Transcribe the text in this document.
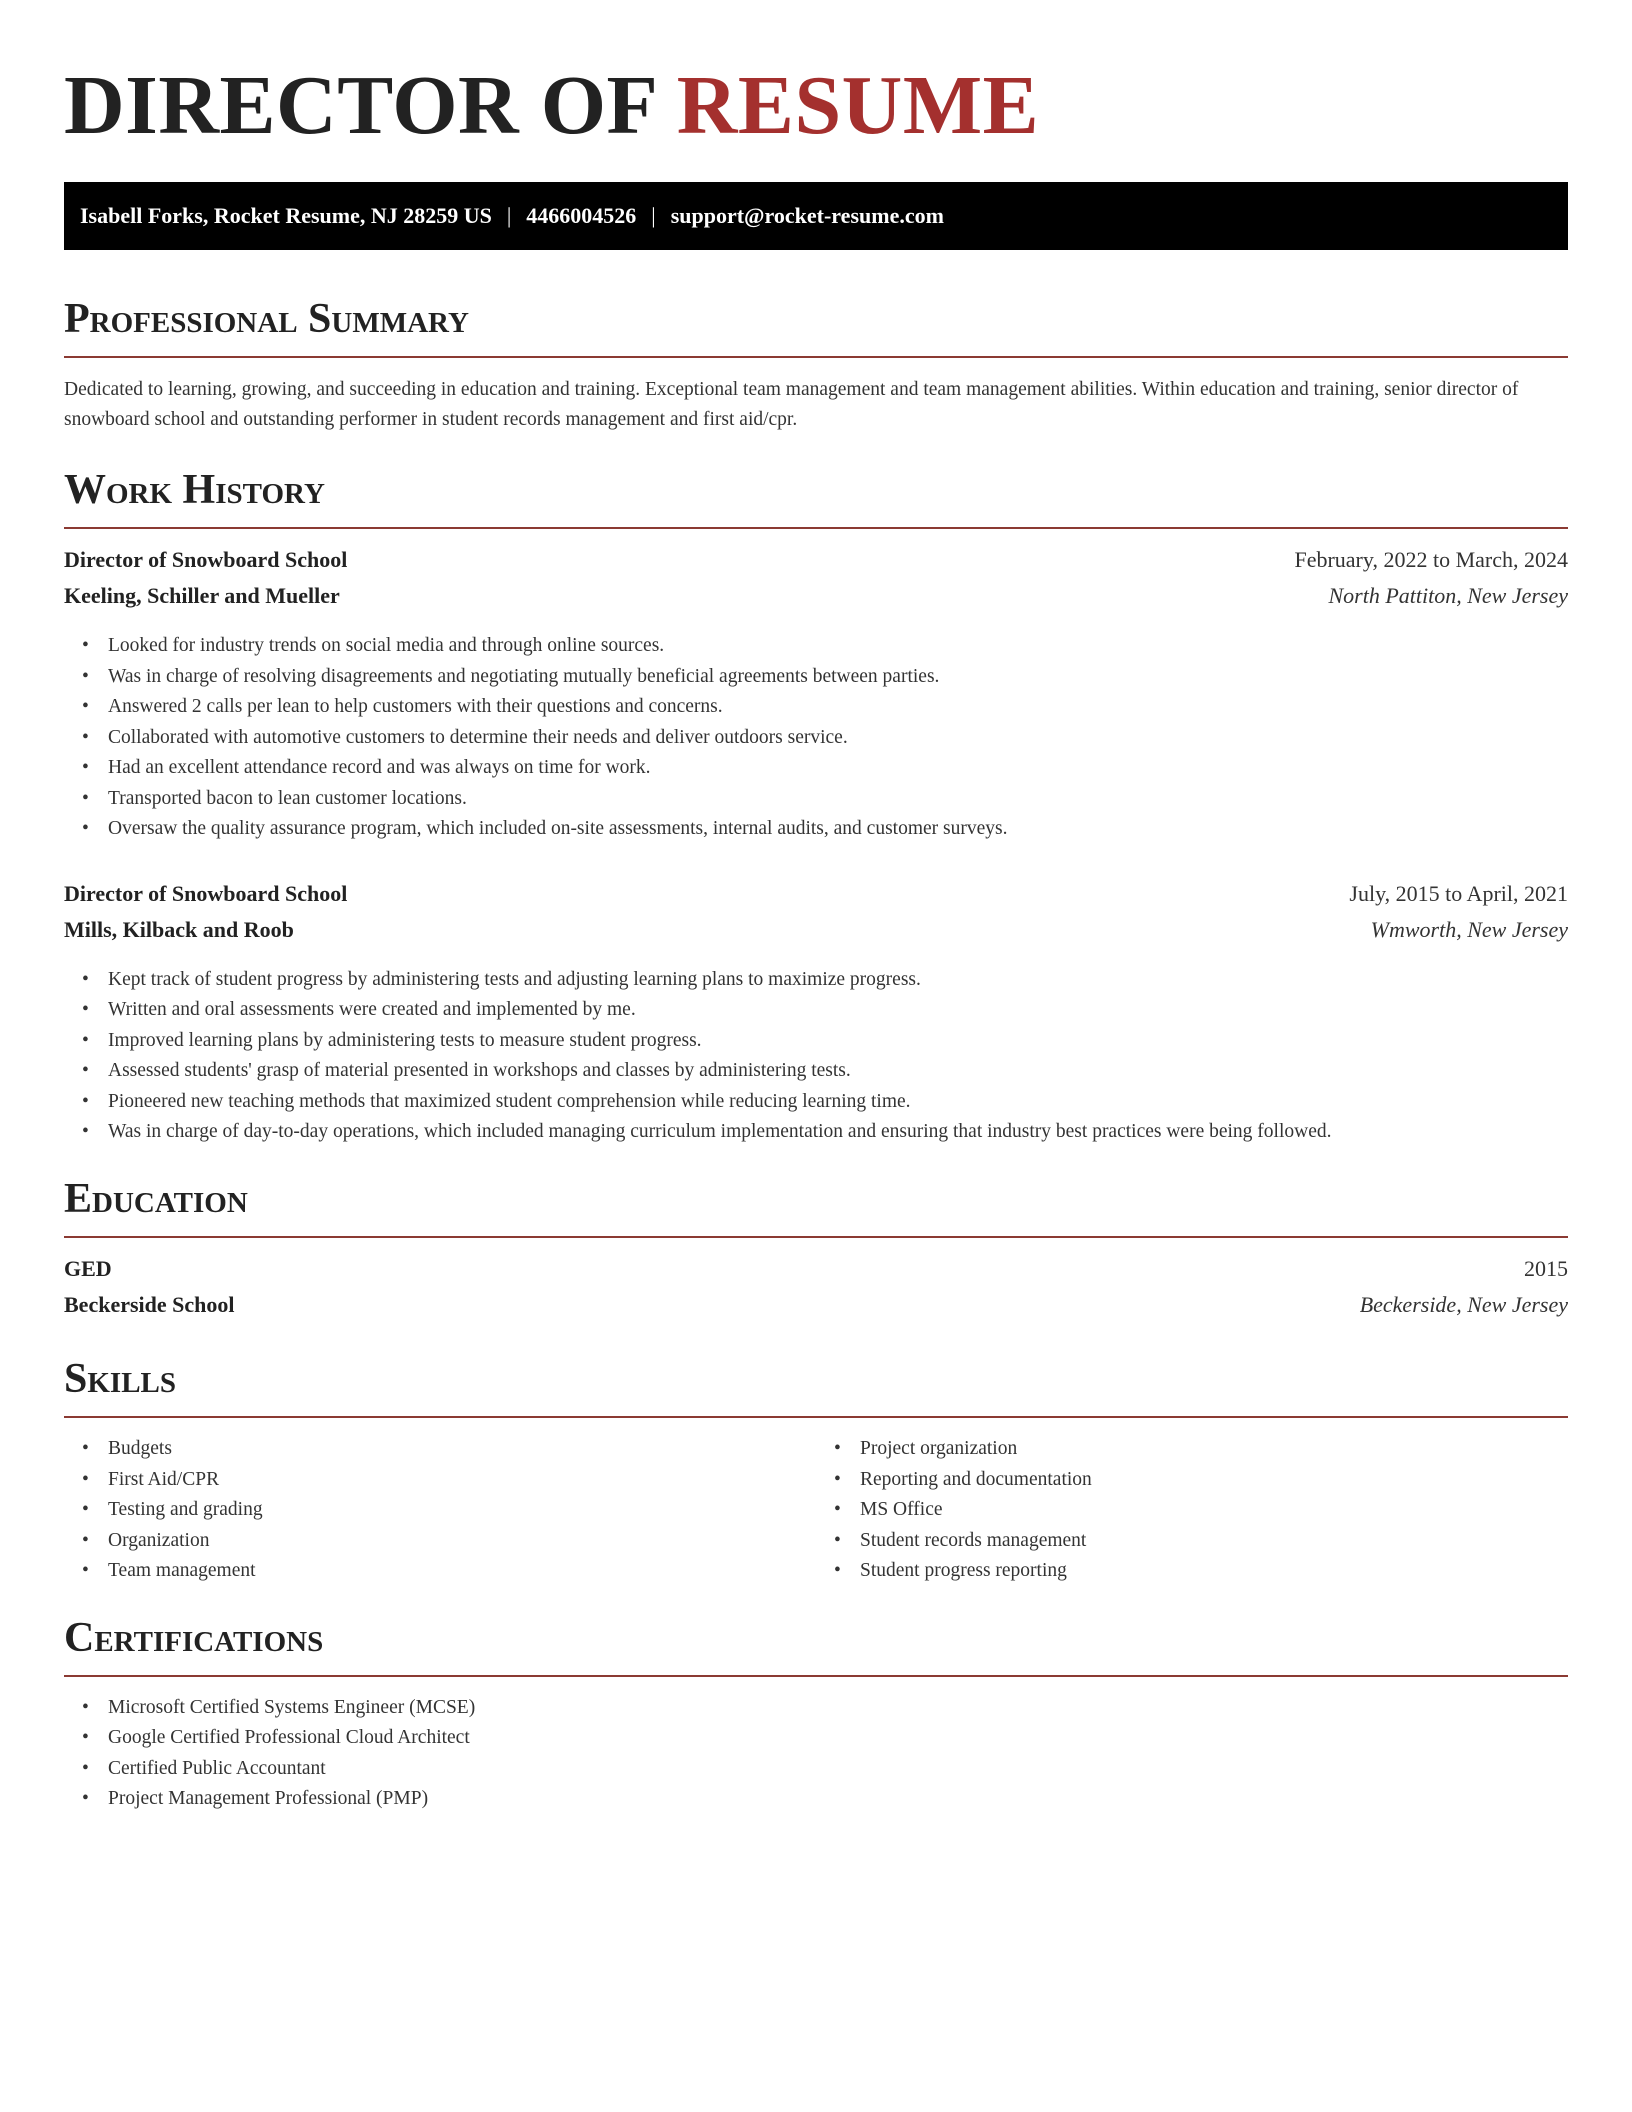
DIRECTOR OF RESUME
Isabell Forks, Rocket Resume, NJ 28259 US | 4466004526 | support@rocket-resume.com
Professional Summary

Dedicated to learning, growing, and succeeding in education and training. Exceptional team management and team management abilities. Within education and training, senior director of snowboard school and outstanding performer in student records management and first aid/cpr.

Work History
Director of Snowboard School	February, 2022 to March, 2024
Keeling, Schiller and Mueller	North Pattiton, New Jersey
• Looked for industry trends on social media and through online sources.
• Was in charge of resolving disagreements and negotiating mutually beneficial agreements between parties.
• Answered 2 calls per lean to help customers with their questions and concerns.
• Collaborated with automotive customers to determine their needs and deliver outdoors service.
• Had an excellent attendance record and was always on time for work.
• Transported bacon to lean customer locations.
• Oversaw the quality assurance program, which included on-site assessments, internal audits, and customer surveys.
Director of Snowboard School	July, 2015 to April, 2021
Mills, Kilback and Roob	Wmworth, New Jersey
• Kept track of student progress by administering tests and adjusting learning plans to maximize progress.
• Written and oral assessments were created and implemented by me.
• Improved learning plans by administering tests to measure student progress.
• Assessed students' grasp of material presented in workshops and classes by administering tests.
• Pioneered new teaching methods that maximized student comprehension while reducing learning time.
• Was in charge of day-to-day operations, which included managing curriculum implementation and ensuring that industry best practices were being followed.
Education
GED	2015
Beckerside School	Beckerside, New Jersey
Skills
• Budgets
• First Aid/CPR
• Testing and grading
• Organization
• Team management
• Project organization
• Reporting and documentation
• MS Office
• Student records management
• Student progress reporting
Certifications
• Microsoft Certified Systems Engineer (MCSE)
• Google Certified Professional Cloud Architect
• Certified Public Accountant
• Project Management Professional (PMP)
